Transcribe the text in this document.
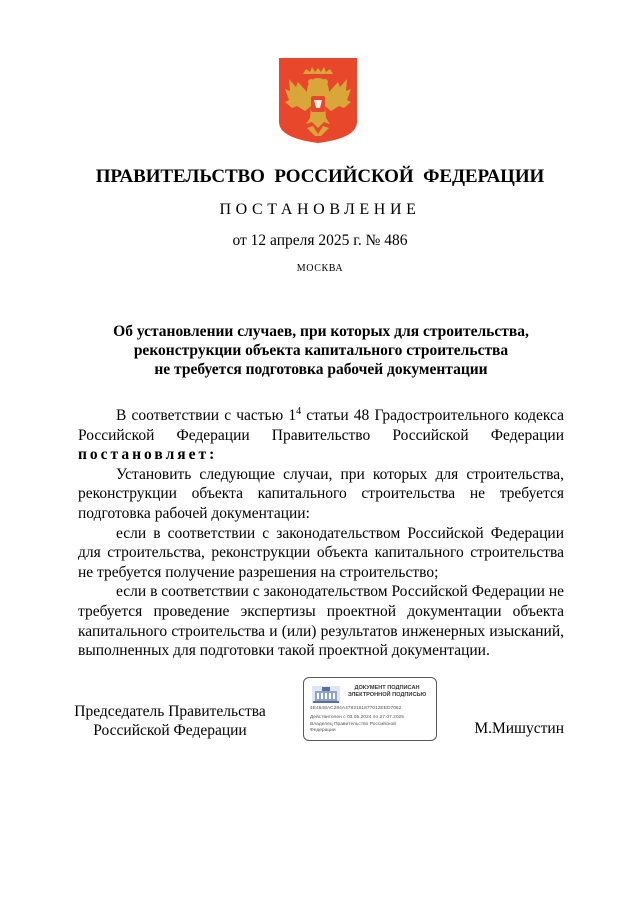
ПРАВИТЕЛЬСТВО РОССИЙСКОЙ ФЕДЕРАЦИИ
ПОСТАНОВЛЕНИЕ
от 12 апреля 2025 г. № 486
МОСКВА
Об установлении случаев, при которых для строительства,
реконструкции объекта капитального строительства
не требуется подготовка рабочей документации

В соответствии с частью $1^4$ статьи 48 Градостроительного кодекса Российской Федерации Правительство Российской Федерации постановляет:

Установить следующие случаи, при которых для строительства, реконструкции объекта капитального строительства не требуется подготовка рабочей документации:

если в соответствии с законодательством Российской Федерации для строительства, реконструкции объекта капитального строительства не требуется получение разрешения на строительство;

если в соответствии с законодательством Российской Федерации не требуется проведение экспертизы проектной документации объекта капитального строительства и (или) результатов инженерных изысканий, выполненных для подготовки такой проектной документации.

Председатель Правительства
Российской Федерации
ДОКУМЕНТ ПОДПИСАН
ЭЛЕКТРОННОЙ ПОДПИСЬЮ
4E4848AC284A4783161877012EED7062
Действителен с 03.05.2024 по 27.07.2025
Владелец Правительство Российской
Федерации	М.Мишустин
